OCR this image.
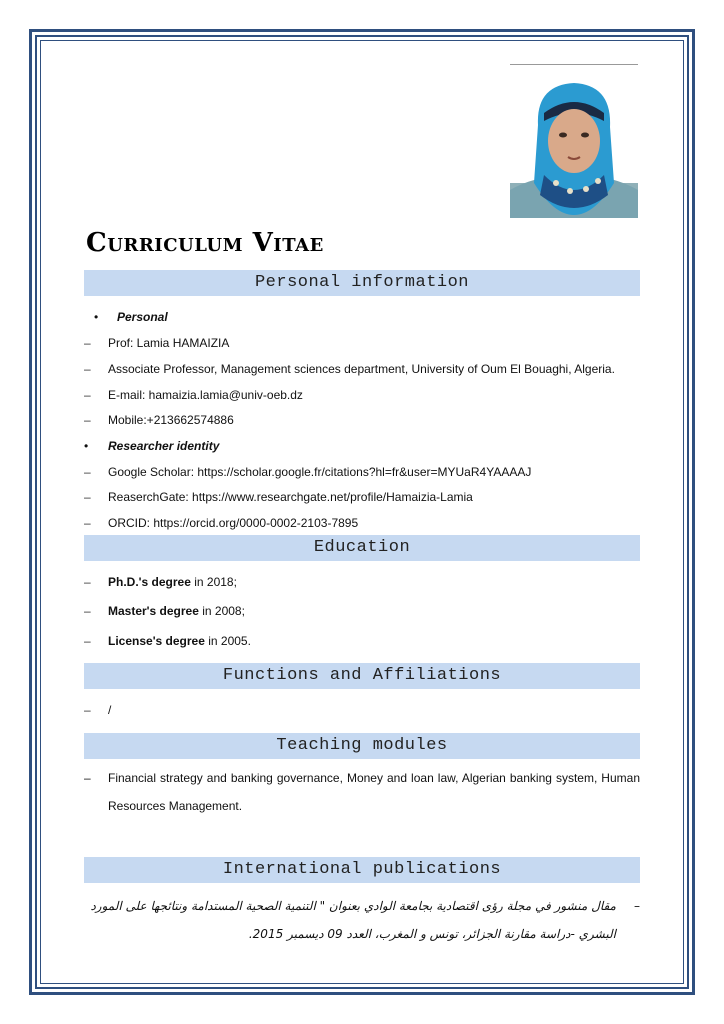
Curriculum Vitae
Personal information
• Personal
–	Prof: Lamia HAMAIZIA
–	Associate Professor, Management sciences department, University of Oum El Bouaghi, Algeria.
–	E-mail: hamaizia.lamia@univ-oeb.dz
–	Mobile:+213662574886
• Researcher identity
–	Google Scholar: https://scholar.google.fr/citations?hl=fr&user=MYUaR4YAAAAJ
–	ReaserchGate: https://www.researchgate.net/profile/Hamaizia-Lamia
–	ORCID: https://orcid.org/0000-0002-2103-7895
Education
–	Ph.D.'s degree in 2018;
–	Master's degree in 2008;
–	License's degree in 2005.
Functions and Affiliations
–	/
Teaching modules
– Financial strategy and banking governance, Money and loan law, Algerian banking system, Human Resources Management.
International publications
–
مقال منشور في مجلة رؤى اقتصادية بجامعة الوادي بعنوان " التنمية الصحية المستدامة ونتائجها على المورد البشري -دراسة مقارنة الجزائر، تونس و المغرب، العدد 09 ديسمبر 2015.
